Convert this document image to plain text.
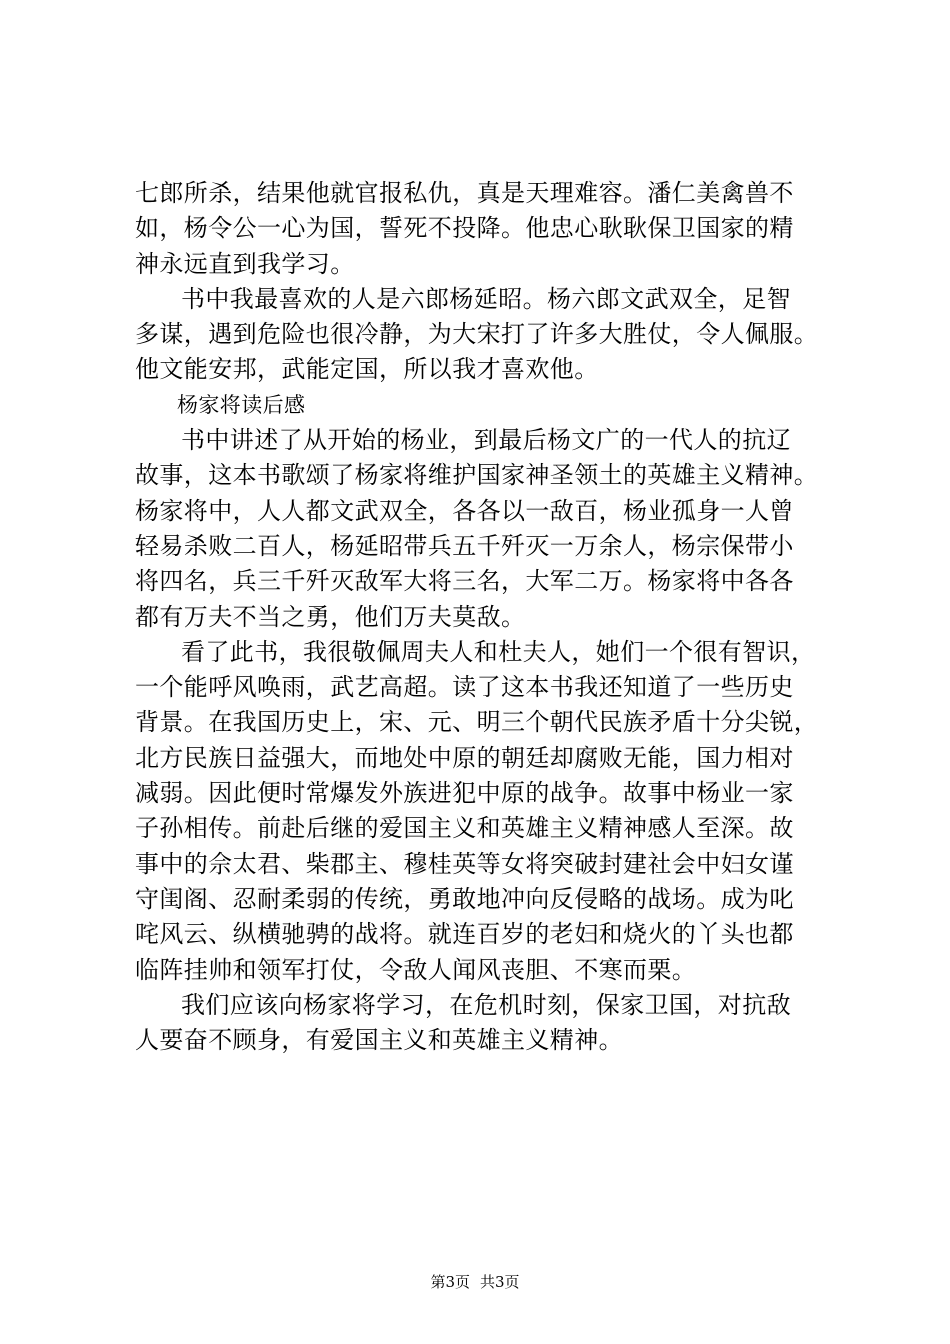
七郎所杀，结果他就官报私仇，真是天理难容。潘仁美禽兽不
如，杨令公一心为国，誓死不投降。他忠心耿耿保卫国家的精
神永远直到我学习。
书中我最喜欢的人是六郎杨延昭。杨六郎文武双全，足智
多谋，遇到危险也很冷静，为大宋打了许多大胜仗，令人佩服。
他文能安邦，武能定国，所以我才喜欢他。
杨家将读后感
书中讲述了从开始的杨业，到最后杨文广的一代人的抗辽
故事，这本书歌颂了杨家将维护国家神圣领土的英雄主义精神。
杨家将中，人人都文武双全，各各以一敌百，杨业孤身一人曾
轻易杀败二百人，杨延昭带兵五千歼灭一万余人，杨宗保带小
将四名，兵三千歼灭敌军大将三名，大军二万。杨家将中各各
都有万夫不当之勇，他们万夫莫敌。
看了此书，我很敬佩周夫人和杜夫人，她们一个很有智识，
一个能呼风唤雨，武艺高超。读了这本书我还知道了一些历史
背景。在我国历史上，宋、元、明三个朝代民族矛盾十分尖锐，
北方民族日益强大，而地处中原的朝廷却腐败无能，国力相对
减弱。因此便时常爆发外族进犯中原的战争。故事中杨业一家
子孙相传。前赴后继的爱国主义和英雄主义精神感人至深。故
事中的佘太君、柴郡主、穆桂英等女将突破封建社会中妇女谨
守闺阁、忍耐柔弱的传统，勇敢地冲向反侵略的战场。成为叱
咤风云、纵横驰骋的战将。就连百岁的老妇和烧火的丫头也都
临阵挂帅和领军打仗，令敌人闻风丧胆、不寒而栗。
我们应该向杨家将学习，在危机时刻，保家卫国，对抗敌
人要奋不顾身，有爱国主义和英雄主义精神。
第3页 共3页
